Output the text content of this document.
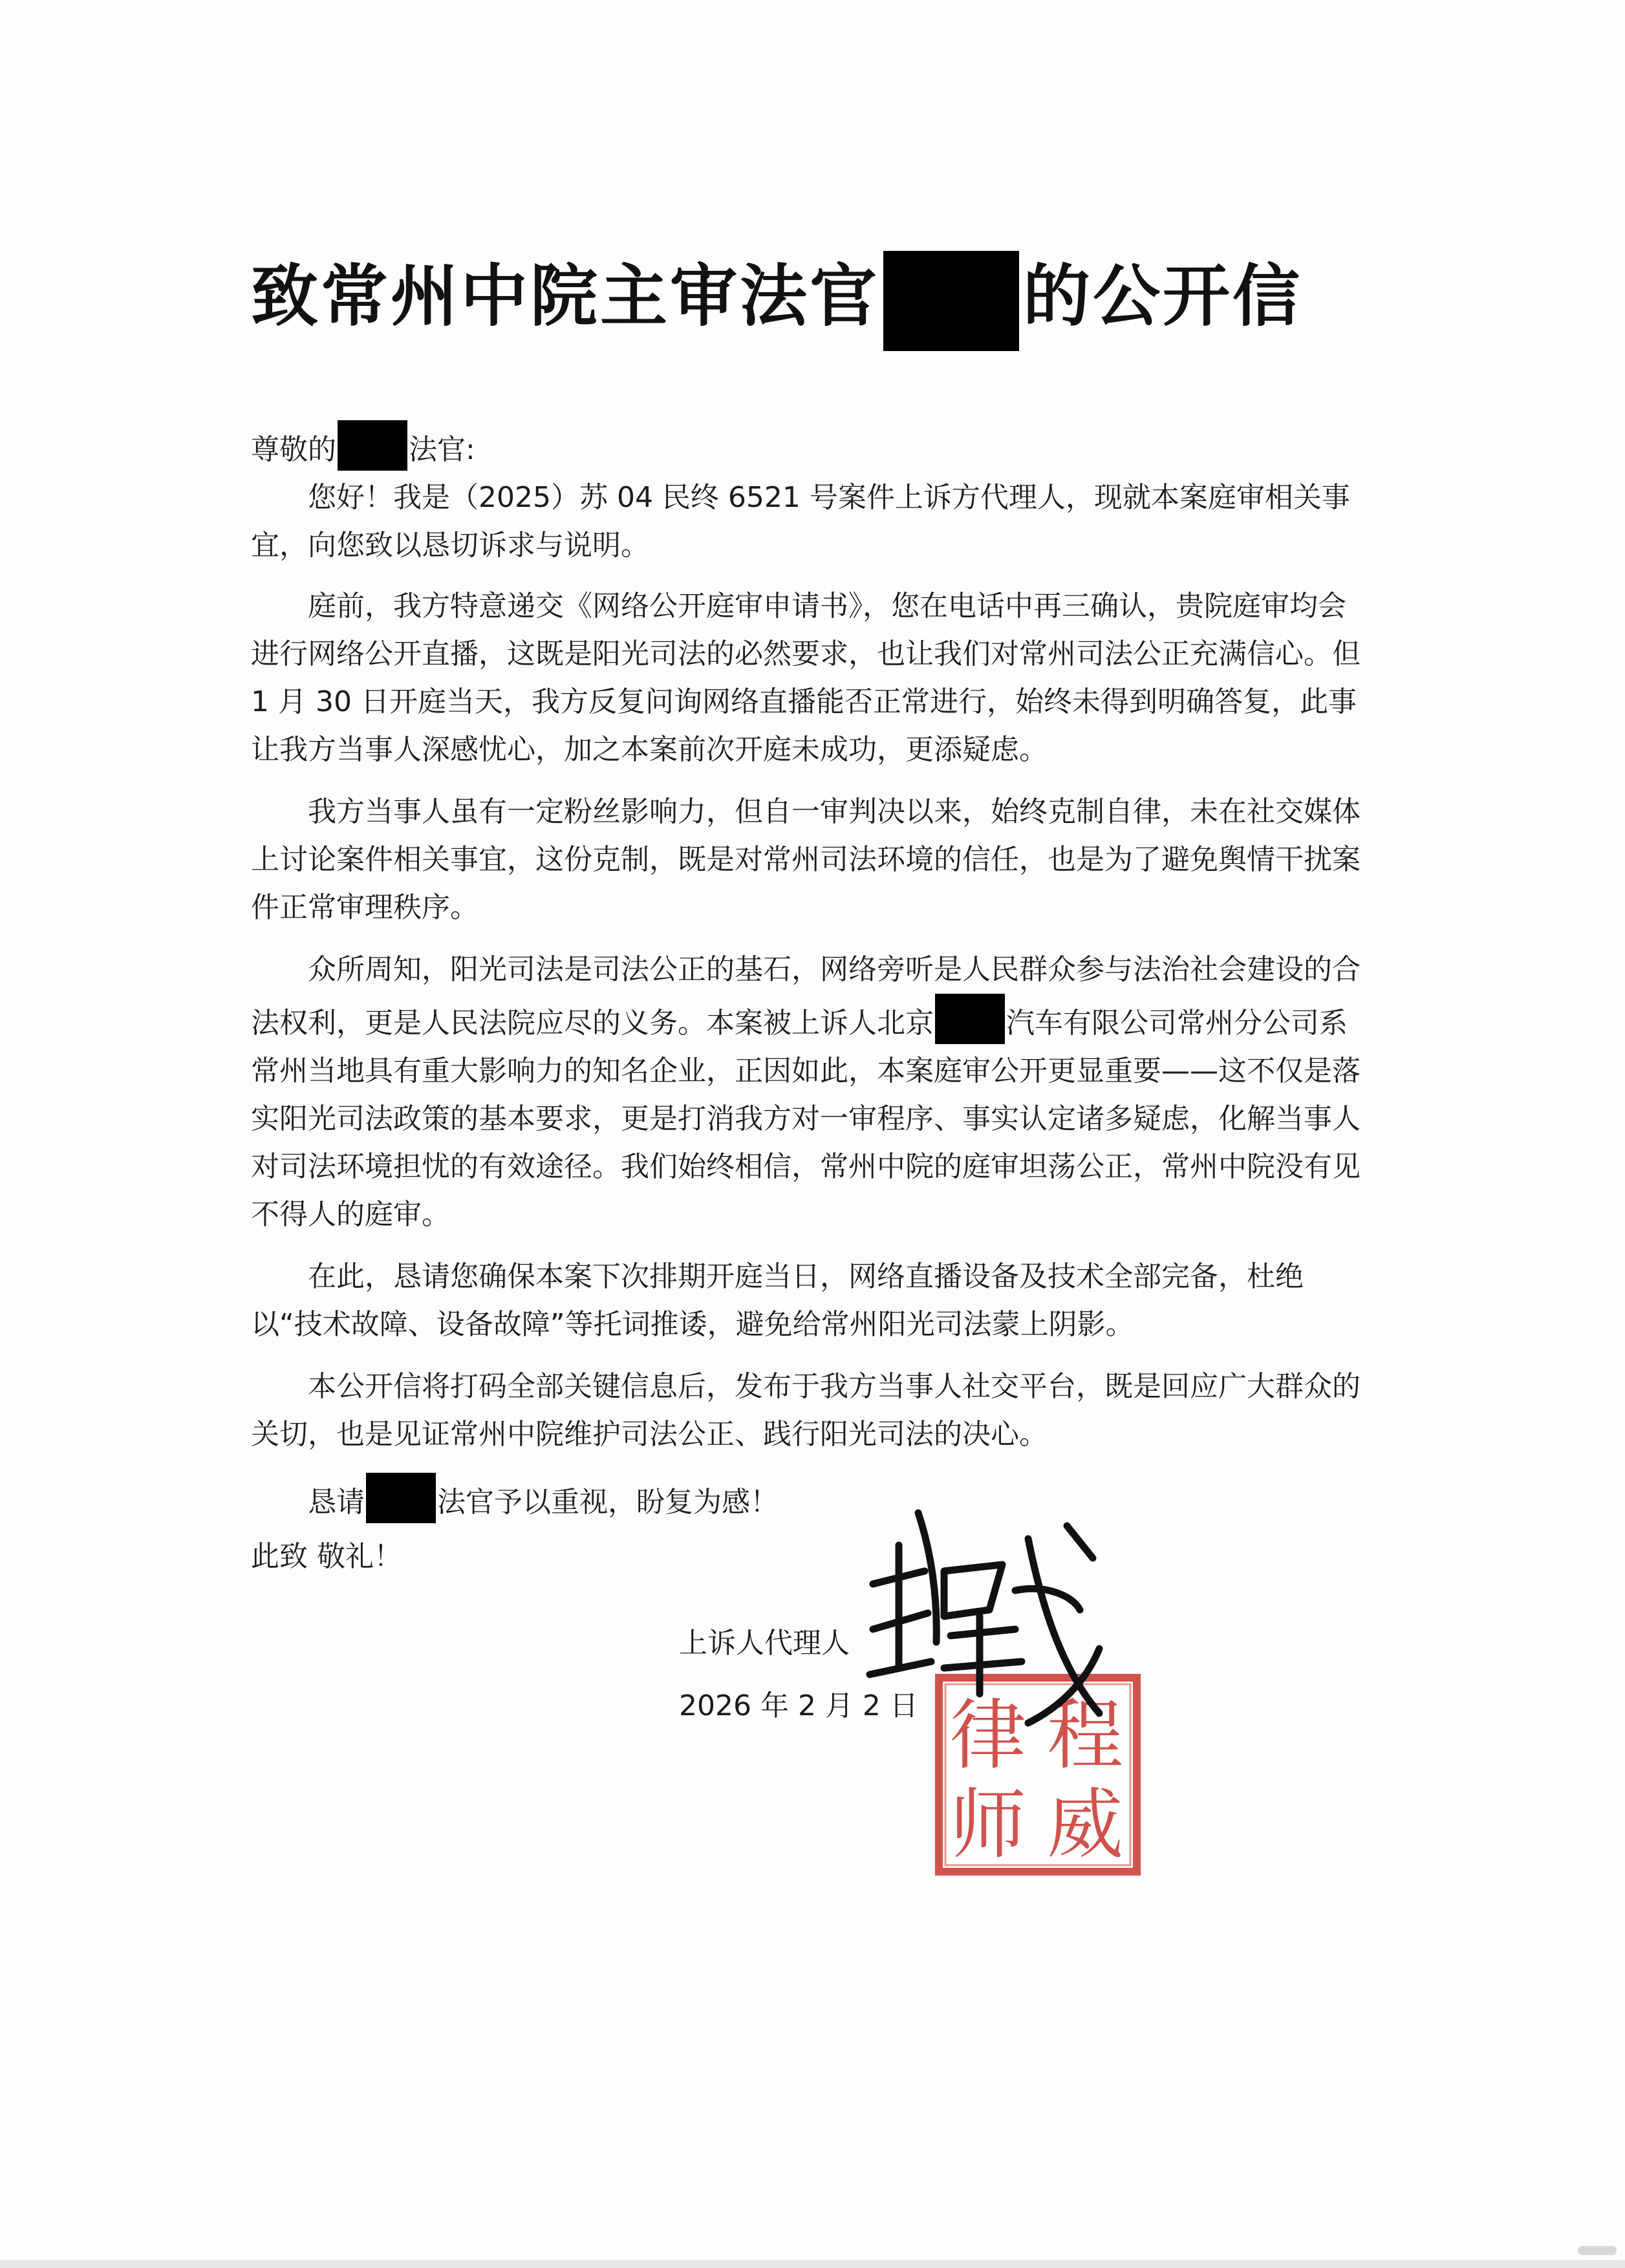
致常州中院主审法官 的公开信

尊敬的	法官:

您好！我是（2025）苏 04 民终 6521 号案件上诉方代理人，现就本案庭审相关事宜，向您致以恳切诉求与说明。

庭前，我方特意递交《网络公开庭审申请书》，您在电话中再三确认，贵院庭审均会进行网络公开直播，这既是阳光司法的必然要求，也让我们对常州司法公正充满信心。但 1 月 30 日开庭当天，我方反复问询网络直播能否正常进行，始终未得到明确答复，此事让我方当事人深感忧心，加之本案前次开庭未成功，更添疑虑。

我方当事人虽有一定粉丝影响力，但自一审判决以来，始终克制自律，未在社交媒体上讨论案件相关事宜，这份克制，既是对常州司法环境的信任，也是为了避免舆情干扰案件正常审理秩序。

众所周知，阳光司法是司法公正的基石，网络旁听是人民群众参与法治社会建设的合法权利，更是人民法院应尽的义务。本案被上诉人北京	汽车有限公司常州分公司系常州当地具有重大影响力的知名企业，正因如此，本案庭审公开更显重要——这不仅是落实阳光司法政策的基本要求，更是打消我方对一审程序、事实认定诸多疑虑，化解当事人对司法环境担忧的有效途径。我们始终相信，常州中院的庭审坦荡公正，常州中院没有见不得人的庭审。

在此，恳请您确保本案下次排期开庭当日，网络直播设备及技术全部完备，杜绝以“技术故障、设备故障”等托词推诿，避免给常州阳光司法蒙上阴影。

本公开信将打码全部关键信息后，发布于我方当事人社交平台，既是回应广大群众的关切，也是见证常州中院维护司法公正、践行阳光司法的决心。

恳请	法官予以重视，盼复为感！

此致 敬礼！

上诉人代理人
2026 年 2 月 2 日 律 程
师 威
